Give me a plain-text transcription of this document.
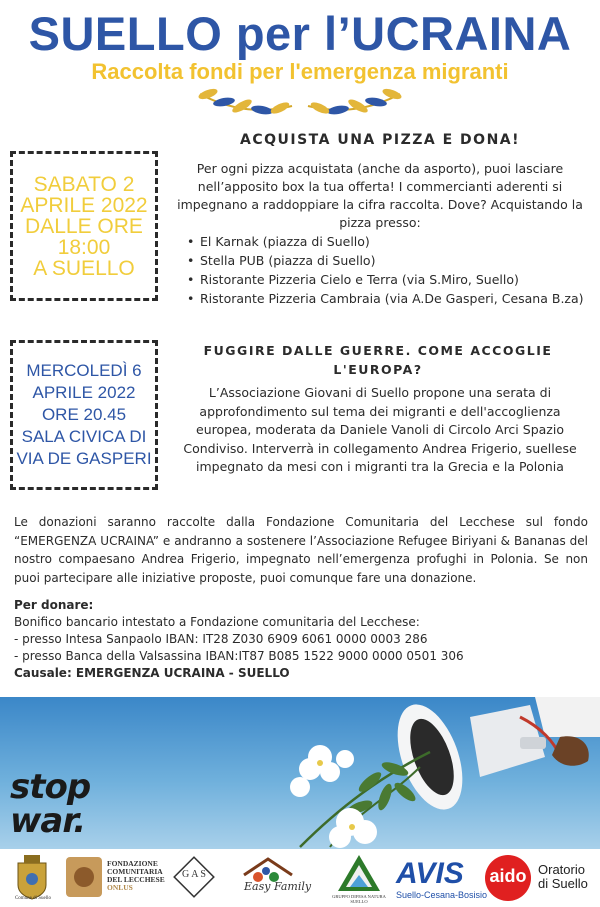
SUELLO per l’UCRAINA
Raccolta fondi per l'emergenza migranti
SABATO 2
APRILE 2022
DALLE ORE
18:00
A SUELLO
ACQUISTA UNA PIZZA E DONA!
Per ogni pizza acquistata (anche da asporto), puoi lasciare nell’apposito box la tua offerta! I commercianti aderenti si impegnano a raddoppiare la cifra raccolta. Dove? Acquistando la pizza presso:
• El Karnak (piazza di Suello)
• Stella PUB (piazza di Suello)
• Ristorante Pizzeria Cielo e Terra (via S.Miro, Suello)
• Ristorante Pizzeria Cambraia (via A.De Gasperi, Cesana B.za)
MERCOLEDÌ 6
APRILE 2022
ORE 20.45
SALA CIVICA DI
VIA DE GASPERI
FUGGIRE DALLE GUERRE. COME ACCOGLIE L'EUROPA?
L’Associazione Giovani di Suello propone una serata di approfondimento sul tema dei migranti e dell'accoglienza europea, moderata da Daniele Vanoli di Circolo Arci Spazio Condiviso. Interverrà in collegamento Andrea Frigerio, suellese impegnato da mesi con i migranti tra la Grecia e la Polonia
Le donazioni saranno raccolte dalla Fondazione Comunitaria del Lecchese sul fondo “EMERGENZA UCRAINA” e andranno a sostenere l’Associazione Refugee Biriyani & Bananas del nostro compaesano Andrea Frigerio, impegnato nell’emergenza profughi in Polonia. Se non puoi partecipare alle iniziative proposte, puoi comunque fare una donazione.
Per donare:
Bonifico bancario intestato a Fondazione comunitaria del Lecchese:
- presso Intesa Sanpaolo IBAN: IT28 Z030 6909 6061 0000 0003 286
- presso Banca della Valsassina IBAN:IT87 B085 1522 9000 0000 0501 306
Causale: EMERGENZA UCRAINA - SUELLO
stop
war.
Comune di Suello
FONDAZIONE
COMUNITARIA
DEL LECCHESE
ONLUS
G A S
Easy Family
GRUPPO DIFESA NATURA SUELLO
AVIS
Suello-Cesana-Bosisio
aido Oratorio
di Suello
